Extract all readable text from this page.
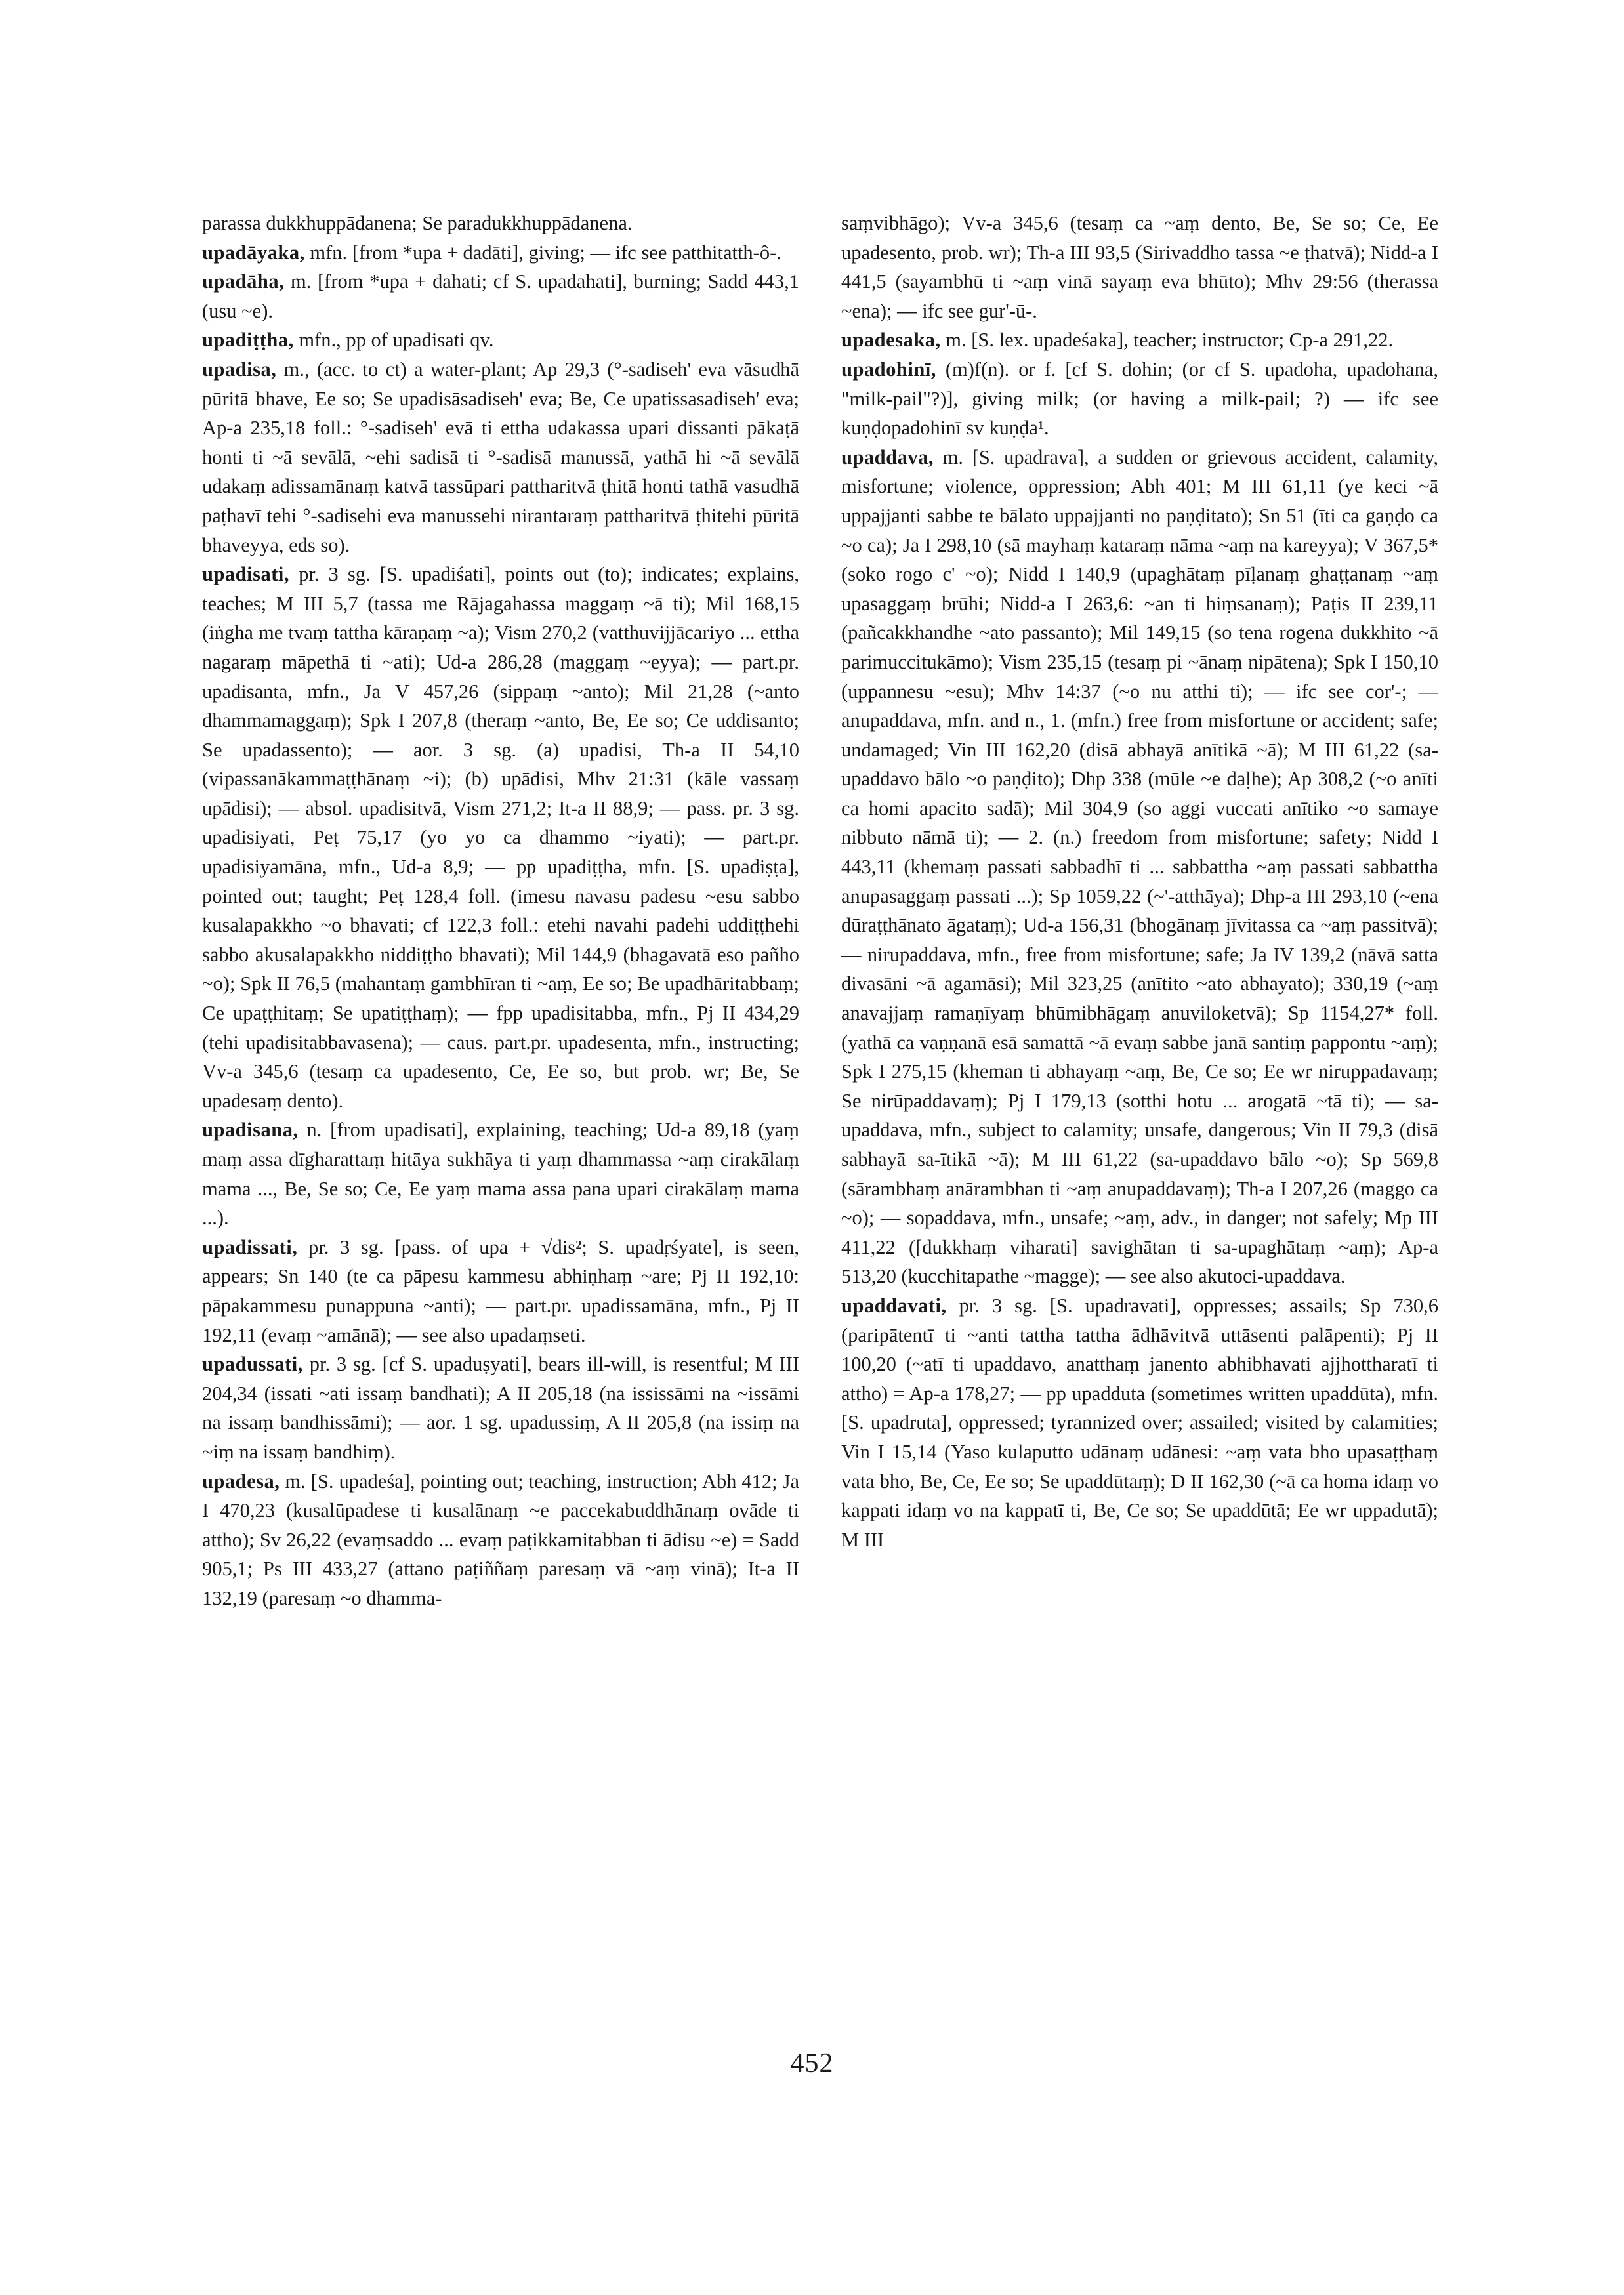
parassa dukkhuppādanena; Se paradukkhuppādanena.

upadāyaka, mfn. [from *upa + dadāti], giving; — ifc see patthitatth-ô-.

upadāha, m. [from *upa + dahati; cf S. upadahati], burning; Sadd 443,1 (usu ~e).

upadiṭṭha, mfn., pp of upadisati qv.

upadisa, m., (acc. to ct) a water-plant; Ap 29,3 (°-sadiseh' eva vāsudhā pūritā bhave, Ee so; Se upadisāsadiseh' eva; Be, Ce upatissasadiseh' eva; Ap-a 235,18 foll.: °-sadiseh' evā ti ettha udakassa upari dissanti pākaṭā honti ti ~ā sevālā, ~ehi sadisā ti °-sadisā manussā, yathā hi ~ā sevālā udakaṃ adissamānaṃ katvā tassūpari pattharitvā ṭhitā honti tathā vasudhā paṭhavī tehi °-sadisehi eva manussehi nirantaraṃ pattharitvā ṭhitehi pūritā bhaveyya, eds so).

upadisati, pr. 3 sg. [S. upadiśati], points out (to); indicates; explains, teaches; M III 5,7 (tassa me Rājagahassa maggaṃ ~ā ti); Mil 168,15 (iṅgha me tvaṃ tattha kāraṇaṃ ~a); Vism 270,2 (vatthuvijjācariyo ... ettha nagaraṃ māpethā ti ~ati); Ud-a 286,28 (maggaṃ ~eyya); — part.pr. upadisanta, mfn., Ja V 457,26 (sippaṃ ~anto); Mil 21,28 (~anto dhammamaggaṃ); Spk I 207,8 (theraṃ ~anto, Be, Ee so; Ce uddisanto; Se upadassento); — aor. 3 sg. (a) upadisi, Th-a II 54,10 (vipassanākammaṭṭhānaṃ ~i); (b) upādisi, Mhv 21:31 (kāle vassaṃ upādisi); — absol. upadisitvā, Vism 271,2; It-a II 88,9; — pass. pr. 3 sg. upadisiyati, Peṭ 75,17 (yo yo ca dhammo ~iyati); — part.pr. upadisiyamāna, mfn., Ud-a 8,9; — pp upadiṭṭha, mfn. [S. upadiṣṭa], pointed out; taught; Peṭ 128,4 foll. (imesu navasu padesu ~esu sabbo kusalapakkho ~o bhavati; cf 122,3 foll.: etehi navahi padehi uddiṭṭhehi sabbo akusalapakkho niddiṭṭho bhavati); Mil 144,9 (bhagavatā eso pañho ~o); Spk II 76,5 (mahantaṃ gambhīran ti ~aṃ, Ee so; Be upadhāritabbaṃ; Ce upaṭṭhitaṃ; Se upatiṭṭhaṃ); — fpp upadisitabba, mfn., Pj II 434,29 (tehi upadisitabbavasena); — caus. part.pr. upadesenta, mfn., instructing; Vv-a 345,6 (tesaṃ ca upadesento, Ce, Ee so, but prob. wr; Be, Se upadesaṃ dento).

upadisana, n. [from upadisati], explaining, teaching; Ud-a 89,18 (yaṃ maṃ assa dīgharattaṃ hitāya sukhāya ti yaṃ dhammassa ~aṃ cirakālaṃ mama ..., Be, Se so; Ce, Ee yaṃ mama assa pana upari cirakālaṃ mama ...).

upadissati, pr. 3 sg. [pass. of upa + √dis²; S. upadṛśyate], is seen, appears; Sn 140 (te ca pāpesu kammesu abhiṇhaṃ ~are; Pj II 192,10: pāpakammesu punappuna ~anti); — part.pr. upadissamāna, mfn., Pj II 192,11 (evaṃ ~amānā); — see also upadaṃseti.

upadussati, pr. 3 sg. [cf S. upaduṣyati], bears ill-will, is resentful; M III 204,34 (issati ~ati issaṃ bandhati); A II 205,18 (na ississāmi na ~issāmi na issaṃ bandhissāmi); — aor. 1 sg. upadussiṃ, A II 205,8 (na issiṃ na ~iṃ na issaṃ bandhiṃ).

upadesa, m. [S. upadeśa], pointing out; teaching, instruction; Abh 412; Ja I 470,23 (kusalūpadese ti kusalānaṃ ~e paccekabuddhānaṃ ovāde ti attho); Sv 26,22 (evaṃsaddo ... evaṃ paṭikkamitabban ti ādisu ~e) = Sadd 905,1; Ps III 433,27 (attano paṭiññaṃ paresaṃ vā ~aṃ vinā); It-a II 132,19 (paresaṃ ~o dhamma-

saṃvibhāgo); Vv-a 345,6 (tesaṃ ca ~aṃ dento, Be, Se so; Ce, Ee upadesento, prob. wr); Th-a III 93,5 (Sirivaddho tassa ~e ṭhatvā); Nidd-a I 441,5 (sayambhū ti ~aṃ vinā sayaṃ eva bhūto); Mhv 29:56 (therassa ~ena); — ifc see gur'-ū-.

upadesaka, m. [S. lex. upadeśaka], teacher; instructor; Cp-a 291,22.

upadohinī, (m)f(n). or f. [cf S. dohin; (or cf S. upadoha, upadohana, "milk-pail"?)], giving milk; (or having a milk-pail; ?) — ifc see kuṇḍopadohinī sv kuṇḍa¹.

upaddava, m. [S. upadrava], a sudden or grievous accident, calamity, misfortune; violence, oppression; Abh 401; M III 61,11 (ye keci ~ā uppajjanti sabbe te bālato uppajjanti no paṇḍitato); Sn 51 (īti ca gaṇḍo ca ~o ca); Ja I 298,10 (sā mayhaṃ kataraṃ nāma ~aṃ na kareyya); V 367,5* (soko rogo c' ~o); Nidd I 140,9 (upaghātaṃ pīḷanaṃ ghaṭṭanaṃ ~aṃ upasaggaṃ brūhi; Nidd-a I 263,6: ~an ti hiṃsanaṃ); Paṭis II 239,11 (pañcakkhandhe ~ato passanto); Mil 149,15 (so tena rogena dukkhito ~ā parimuccitukāmo); Vism 235,15 (tesaṃ pi ~ānaṃ nipātena); Spk I 150,10 (uppannesu ~esu); Mhv 14:37 (~o nu atthi ti); — ifc see cor'-; — anupaddava, mfn. and n., 1. (mfn.) free from misfortune or accident; safe; undamaged; Vin III 162,20 (disā abhayā anītikā ~ā); M III 61,22 (sa-upaddavo bālo ~o paṇḍito); Dhp 338 (mūle ~e daḷhe); Ap 308,2 (~o anīti ca homi apacito sadā); Mil 304,9 (so aggi vuccati anītiko ~o samaye nibbuto nāmā ti); — 2. (n.) freedom from misfortune; safety; Nidd I 443,11 (khemaṃ passati sabbadhī ti ... sabbattha ~aṃ passati sabbattha anupasaggaṃ passati ...); Sp 1059,22 (~'-atthāya); Dhp-a III 293,10 (~ena dūraṭṭhānato āgataṃ); Ud-a 156,31 (bhogānaṃ jīvitassa ca ~aṃ passitvā); — nirupaddava, mfn., free from misfortune; safe; Ja IV 139,2 (nāvā satta divasāni ~ā agamāsi); Mil 323,25 (anītito ~ato abhayato); 330,19 (~aṃ anavajjaṃ ramaṇīyaṃ bhūmibhāgaṃ anuviloketvā); Sp 1154,27* foll. (yathā ca vaṇṇanā esā samattā ~ā evaṃ sabbe janā santiṃ pappontu ~aṃ); Spk I 275,15 (kheman ti abhayaṃ ~aṃ, Be, Ce so; Ee wr niruppadavaṃ; Se nirūpaddavaṃ); Pj I 179,13 (sotthi hotu ... arogatā ~tā ti); — sa-upaddava, mfn., subject to calamity; unsafe, dangerous; Vin II 79,3 (disā sabhayā sa-ītikā ~ā); M III 61,22 (sa-upaddavo bālo ~o); Sp 569,8 (sārambhaṃ anārambhan ti ~aṃ anupaddavaṃ); Th-a I 207,26 (maggo ca ~o); — sopaddava, mfn., unsafe; ~aṃ, adv., in danger; not safely; Mp III 411,22 ([dukkhaṃ viharati] savighātan ti sa-upaghātaṃ ~aṃ); Ap-a 513,20 (kucchitapathe ~magge); — see also akutoci-upaddava.

upaddavati, pr. 3 sg. [S. upadravati], oppresses; assails; Sp 730,6 (paripātentī ti ~anti tattha tattha ādhāvitvā uttāsenti palāpenti); Pj II 100,20 (~atī ti upaddavo, anatthaṃ janento abhibhavati ajjhottharatī ti attho) = Ap-a 178,27; — pp upadduta (sometimes written upaddūta), mfn. [S. upadruta], oppressed; tyrannized over; assailed; visited by calamities; Vin I 15,14 (Yaso kulaputto udānaṃ udānesi: ~aṃ vata bho upasaṭṭhaṃ vata bho, Be, Ce, Ee so; Se upaddūtaṃ); D II 162,30 (~ā ca homa idaṃ vo kappati idaṃ vo na kappatī ti, Be, Ce so; Se upaddūtā; Ee wr uppadutā); M III

452
